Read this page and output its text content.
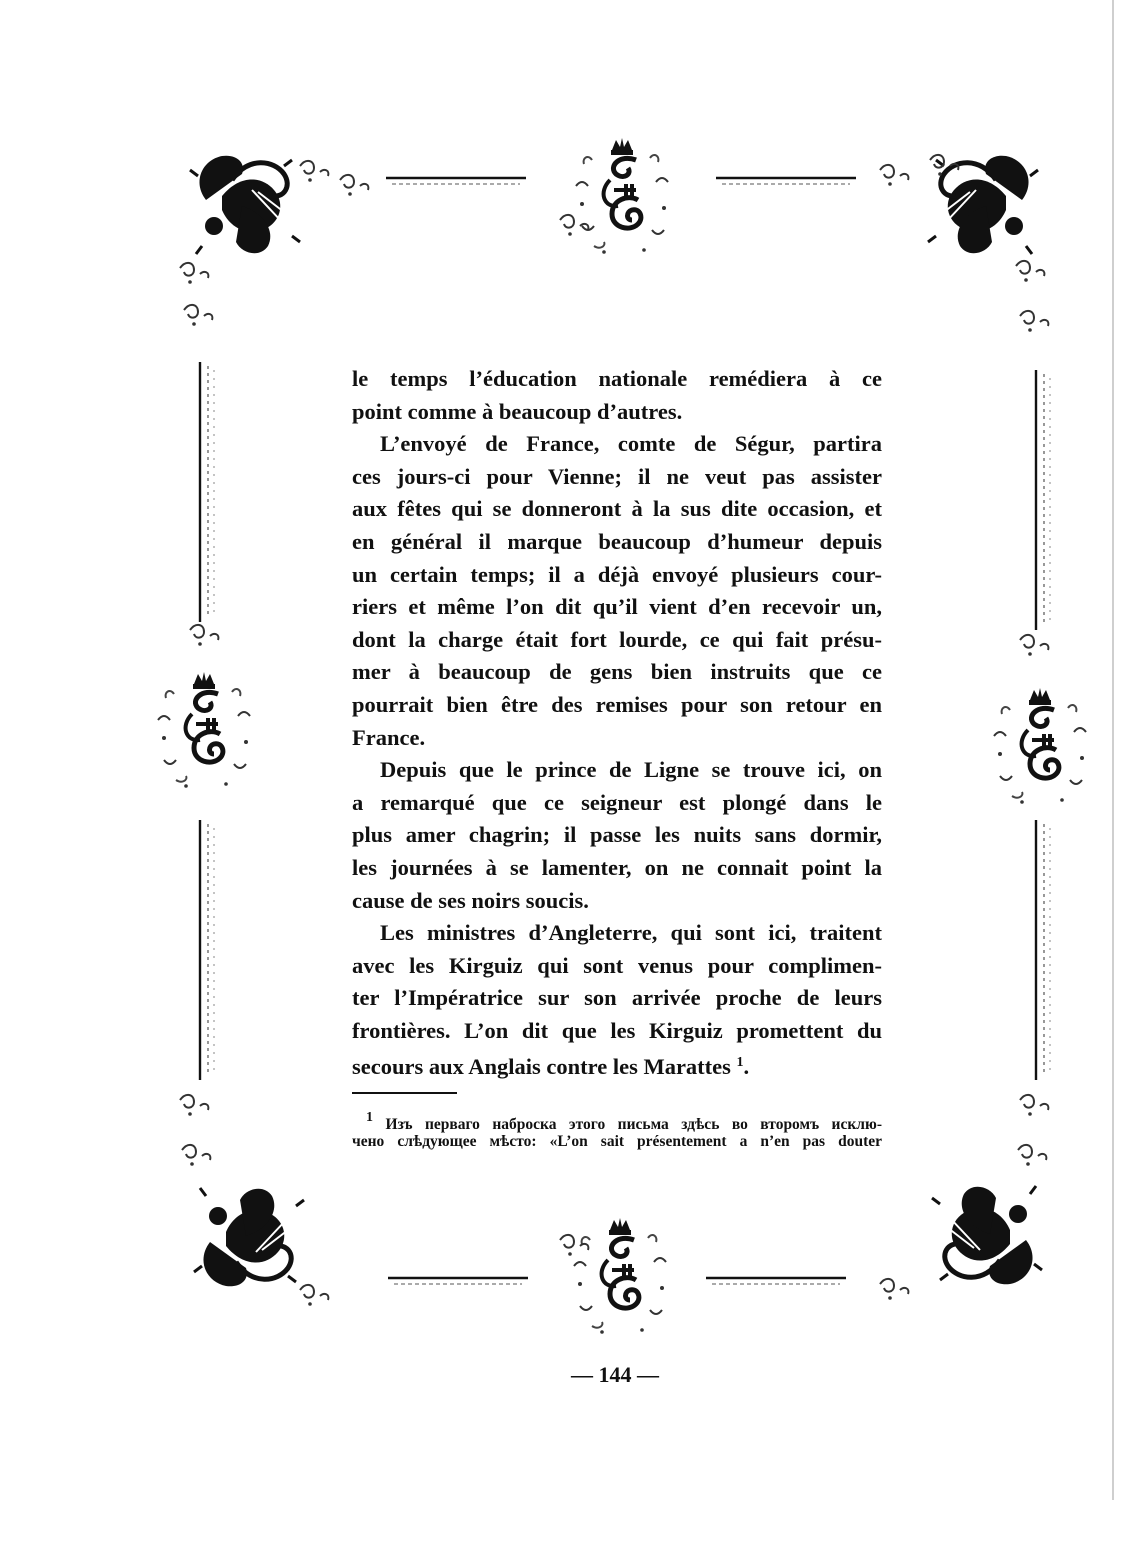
le temps l’éducation nationale remédiera à ce
point comme à beaucoup d’autres.
L’envoyé de France, comte de Ségur, partira
ces jours-ci pour Vienne; il ne veut pas assister
aux fêtes qui se donneront à la sus dite occasion, et
en général il marque beaucoup d’humeur depuis
un certain temps; il a déjà envoyé plusieurs cour-
riers et même l’on dit qu’il vient d’en recevoir un,
dont la charge était fort lourde, ce qui fait présu-
mer à beaucoup de gens bien instruits que ce
pourrait bien être des remises pour son retour en
France.
Depuis que le prince de Ligne se trouve ici, on
a remarqué que ce seigneur est plongé dans le
plus amer chagrin; il passe les nuits sans dormir,
les journées à se lamenter, on ne connait point la
cause de ses noirs soucis.
Les ministres d’Angleterre, qui sont ici, traitent
avec les Kirguiz qui sont venus pour complimen-
ter l’Impératrice sur son arrivée proche de leurs
frontières. L’on dit que les Kirguiz promettent du
secours aux Anglais contre les Marattes $^1$.
1 Изъ перваго наброска этого письма здѣсь во второмъ исклю-
чено слѣдующее мѣсто: «L’on sait présentement a n’en pas douter
— 144 —
